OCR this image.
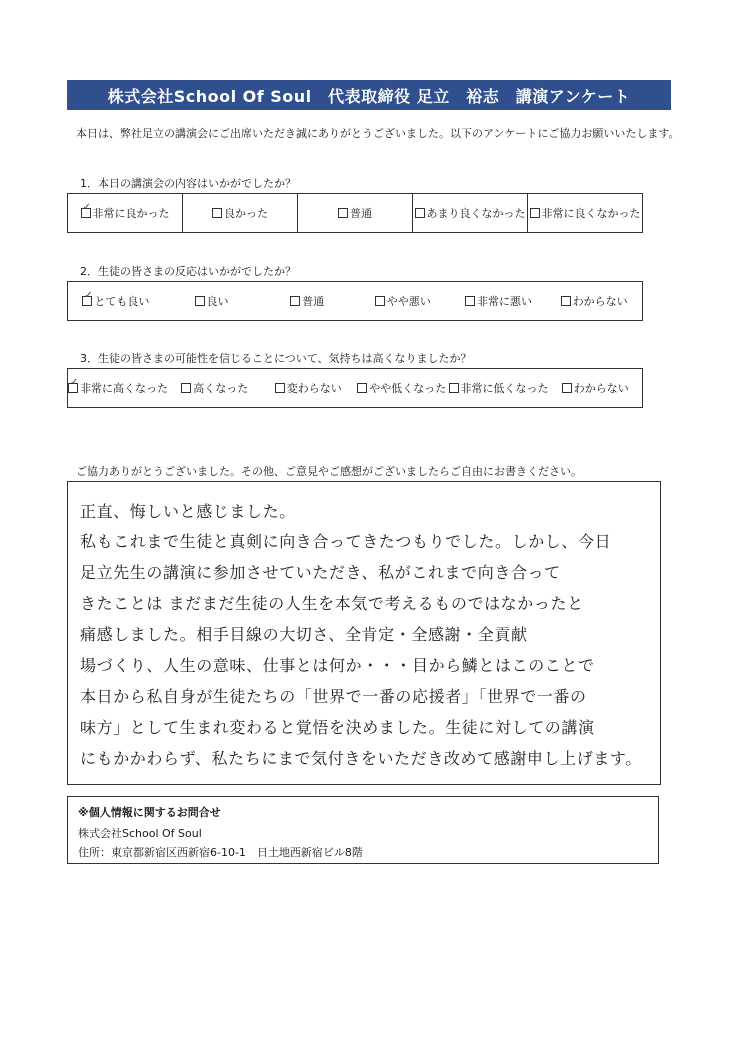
株式会社School Of Soul　代表取締役 足立　裕志　講演アンケート
本日は、弊社足立の講演会にご出席いただき誠にありがとうございました。以下のアンケートにご協力お願いいたします。
1．本日の講演会の内容はいかがでしたか？
✓ 非常に良かった	良かった	普通	あまり良くなかった 非常に良くなかった
2．生徒の皆さまの反応はいかがでしたか？
✓ とても良い	良い	普通	やや悪い	非常に悪い	わからない
3．生徒の皆さまの可能性を信じることについて、気持ちは高くなりましたか？
✓ 非常に高くなった 高くなった	変わらない	やや低くなった 非常に低くなった わからない
ご協力ありがとうございました。その他、ご意見やご感想がございましたらご自由にお書きください。
正直、悔しいと感じました。
私もこれまで生徒と真剣に向き合ってきたつもりでした。しかし、今日
足立先生の講演に参加させていただき、私がこれまで向き合って
きたことは まだまだ生徒の人生を本気で考えるものではなかったと
痛感しました。相手目線の大切さ、全肯定・全感謝・全貢献
場づくり、人生の意味、仕事とは何か・・・目から鱗とはこのことで
本日から私自身が生徒たちの「世界で一番の応援者」「世界で一番の
味方」として生まれ変わると覚悟を決めました。生徒に対しての講演
にもかかわらず、私たちにまで気付きをいただき改めて感謝申し上げます。
※個人情報に関するお問合せ
株式会社School Of Soul
住所：東京都新宿区西新宿6-10-1　日土地西新宿ビル8階
